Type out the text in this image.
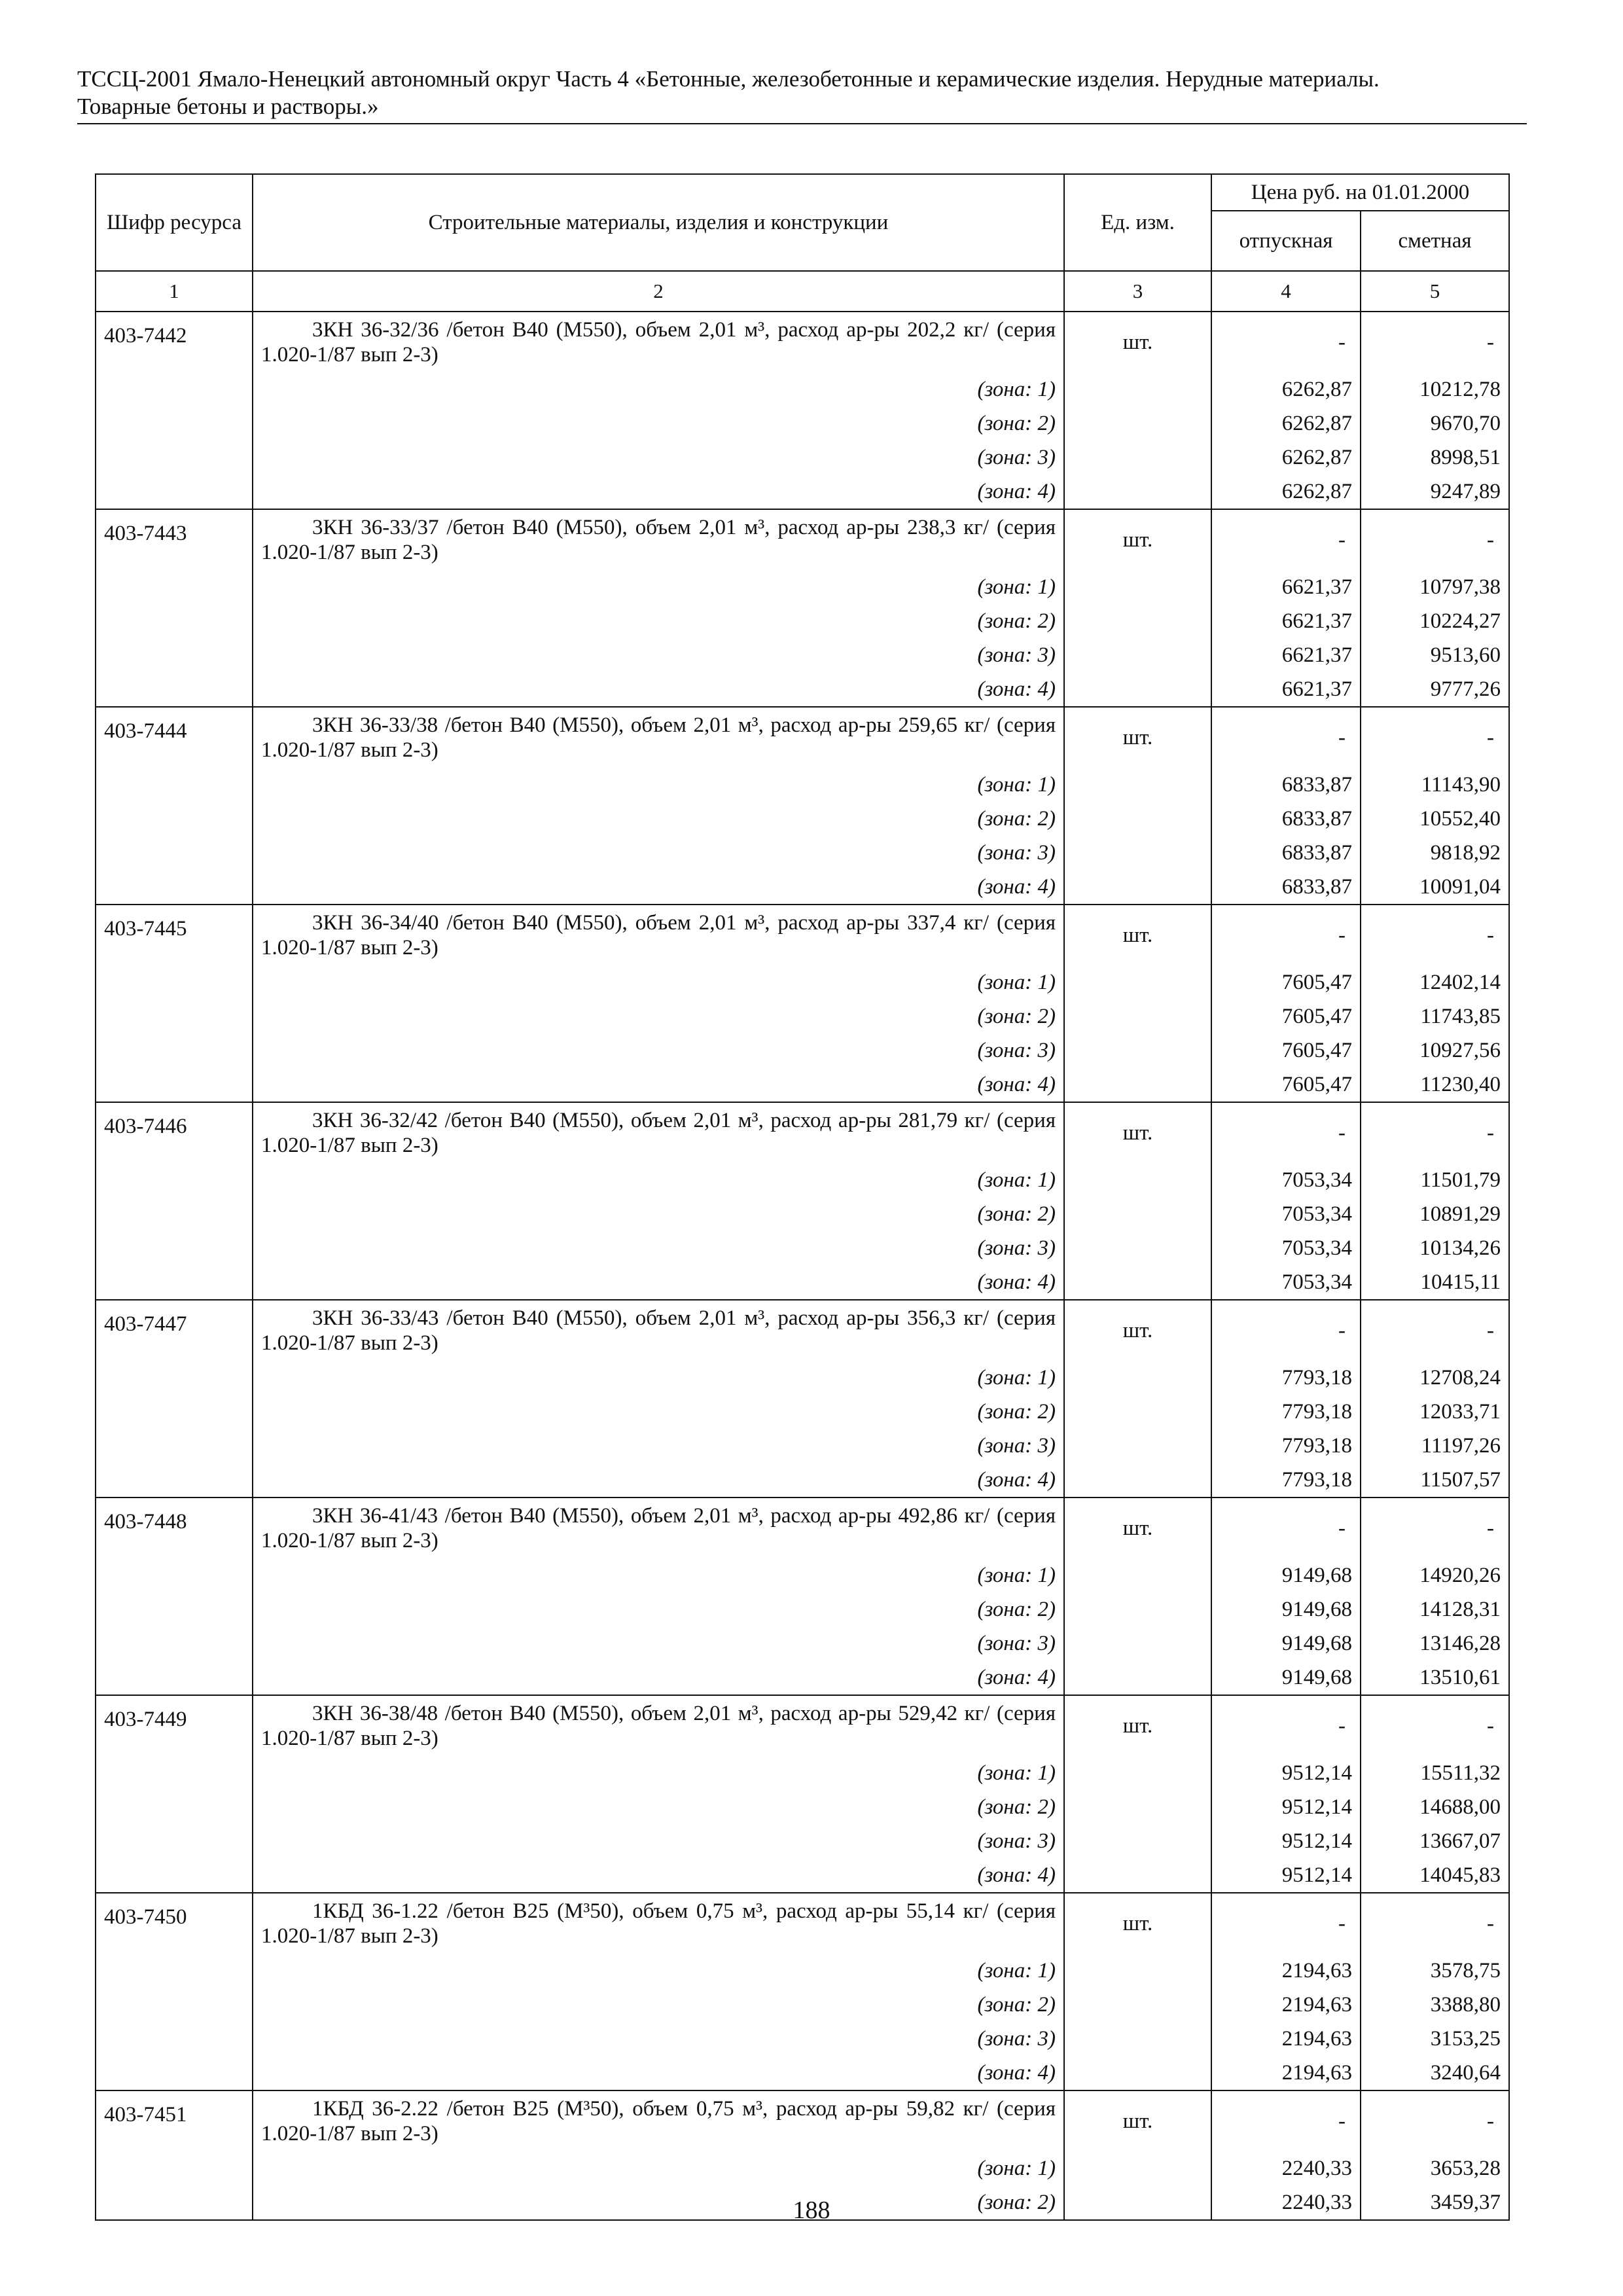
ТССЦ-2001 Ямало-Ненецкий автономный округ Часть 4 «Бетонные, железобетонные и керамические изделия. Нерудные материалы.
Товарные бетоны и растворы.»
Шифр ресурса	Строительные материалы, изделия и конструкции	Ед. изм.	Цена руб. на 01.01.2000	
			отпускная	сметная
1	2	3	4	5
403-7442	3КН 36-32/36 /бетон В40 (М550), объем 2,01 м³, расход ар-ры 202,2 кг/ (серия 1.020-1/87 вып 2-3)	шт.	-	-
	(зона: 1)		6262,87	10212,78
	(зона: 2)		6262,87	9670,70
	(зона: 3)		6262,87	8998,51
	(зона: 4)		6262,87	9247,89
403-7443	3КН 36-33/37 /бетон В40 (М550), объем 2,01 м³, расход ар-ры 238,3 кг/ (серия 1.020-1/87 вып 2-3)	шт.	-	-
	(зона: 1)		6621,37	10797,38
	(зона: 2)		6621,37	10224,27
	(зона: 3)		6621,37	9513,60
	(зона: 4)		6621,37	9777,26
403-7444	3КН 36-33/38 /бетон В40 (М550), объем 2,01 м³, расход ар-ры 259,65 кг/ (серия 1.020-1/87 вып 2-3)	шт.	-	-
	(зона: 1)		6833,87	11143,90
	(зона: 2)		6833,87	10552,40
	(зона: 3)		6833,87	9818,92
	(зона: 4)		6833,87	10091,04
403-7445	3КН 36-34/40 /бетон В40 (М550), объем 2,01 м³, расход ар-ры 337,4 кг/ (серия 1.020-1/87 вып 2-3)	шт.	-	-
	(зона: 1)		7605,47	12402,14
	(зона: 2)		7605,47	11743,85
	(зона: 3)		7605,47	10927,56
	(зона: 4)		7605,47	11230,40
403-7446	3КН 36-32/42 /бетон В40 (М550), объем 2,01 м³, расход ар-ры 281,79 кг/ (серия 1.020-1/87 вып 2-3)	шт.	-	-
	(зона: 1)		7053,34	11501,79
	(зона: 2)		7053,34	10891,29
	(зона: 3)		7053,34	10134,26
	(зона: 4)		7053,34	10415,11
403-7447	3КН 36-33/43 /бетон В40 (М550), объем 2,01 м³, расход ар-ры 356,3 кг/ (серия 1.020-1/87 вып 2-3)	шт.	-	-
	(зона: 1)		7793,18	12708,24
	(зона: 2)		7793,18	12033,71
	(зона: 3)		7793,18	11197,26
	(зона: 4)		7793,18	11507,57
403-7448	3КН 36-41/43 /бетон В40 (М550), объем 2,01 м³, расход ар-ры 492,86 кг/ (серия 1.020-1/87 вып 2-3)	шт.	-	-
	(зона: 1)		9149,68	14920,26
	(зона: 2)		9149,68	14128,31
	(зона: 3)		9149,68	13146,28
	(зона: 4)		9149,68	13510,61
403-7449	3КН 36-38/48 /бетон В40 (М550), объем 2,01 м³, расход ар-ры 529,42 кг/ (серия 1.020-1/87 вып 2-3)	шт.	-	-
	(зона: 1)		9512,14	15511,32
	(зона: 2)		9512,14	14688,00
	(зона: 3)		9512,14	13667,07
	(зона: 4)		9512,14	14045,83
403-7450	1КБД 36-1.22 /бетон В25 (М³50), объем 0,75 м³, расход ар-ры 55,14 кг/ (серия 1.020-1/87 вып 2-3)	шт.	-	-
	(зона: 1)		2194,63	3578,75
	(зона: 2)		2194,63	3388,80
	(зона: 3)		2194,63	3153,25
	(зона: 4)		2194,63	3240,64
403-7451	1КБД 36-2.22 /бетон В25 (М³50), объем 0,75 м³, расход ар-ры 59,82 кг/ (серия 1.020-1/87 вып 2-3)	шт.	-	-
	(зона: 1)		2240,33	3653,28
	(зона: 2)		2240,33	3459,37
188
